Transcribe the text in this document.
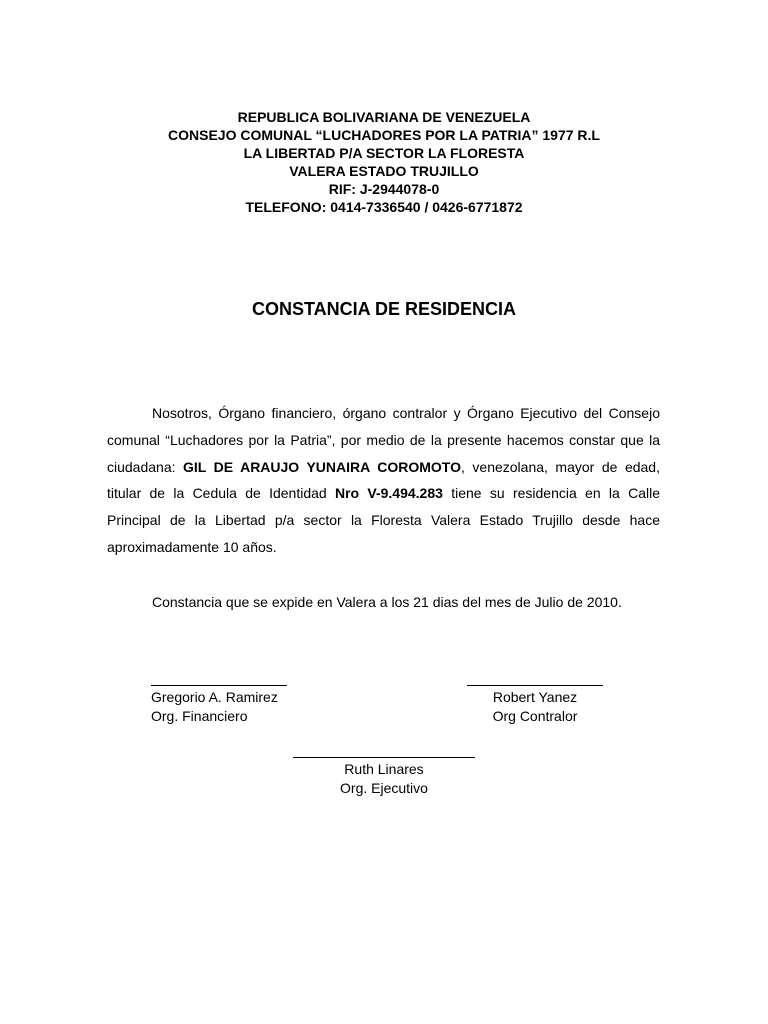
REPUBLICA BOLIVARIANA DE VENEZUELA
CONSEJO COMUNAL “LUCHADORES POR LA PATRIA” 1977 R.L
LA LIBERTAD P/A SECTOR LA FLORESTA
VALERA ESTADO TRUJILLO
RIF: J-2944078-0
TELEFONO: 0414-7336540 / 0426-6771872
CONSTANCIA DE RESIDENCIA

Nosotros, Órgano financiero, órgano contralor y Órgano Ejecutivo del Consejo comunal “Luchadores por la Patria”, por medio de la presente hacemos constar que la ciudadana: GIL DE ARAUJO YUNAIRA COROMOTO, venezolana, mayor de edad, titular de la Cedula de Identidad Nro V-9.494.283 tiene su residencia en la Calle Principal de la Libertad p/a sector la Floresta Valera Estado Trujillo desde hace aproximadamente 10 años.

Constancia que se expide en Valera a los 21 dias del mes de Julio de 2010.
Gregorio A. Ramirez
Org. Financiero
Robert Yanez
Org Contralor
Ruth Linares
Org. Ejecutivo
